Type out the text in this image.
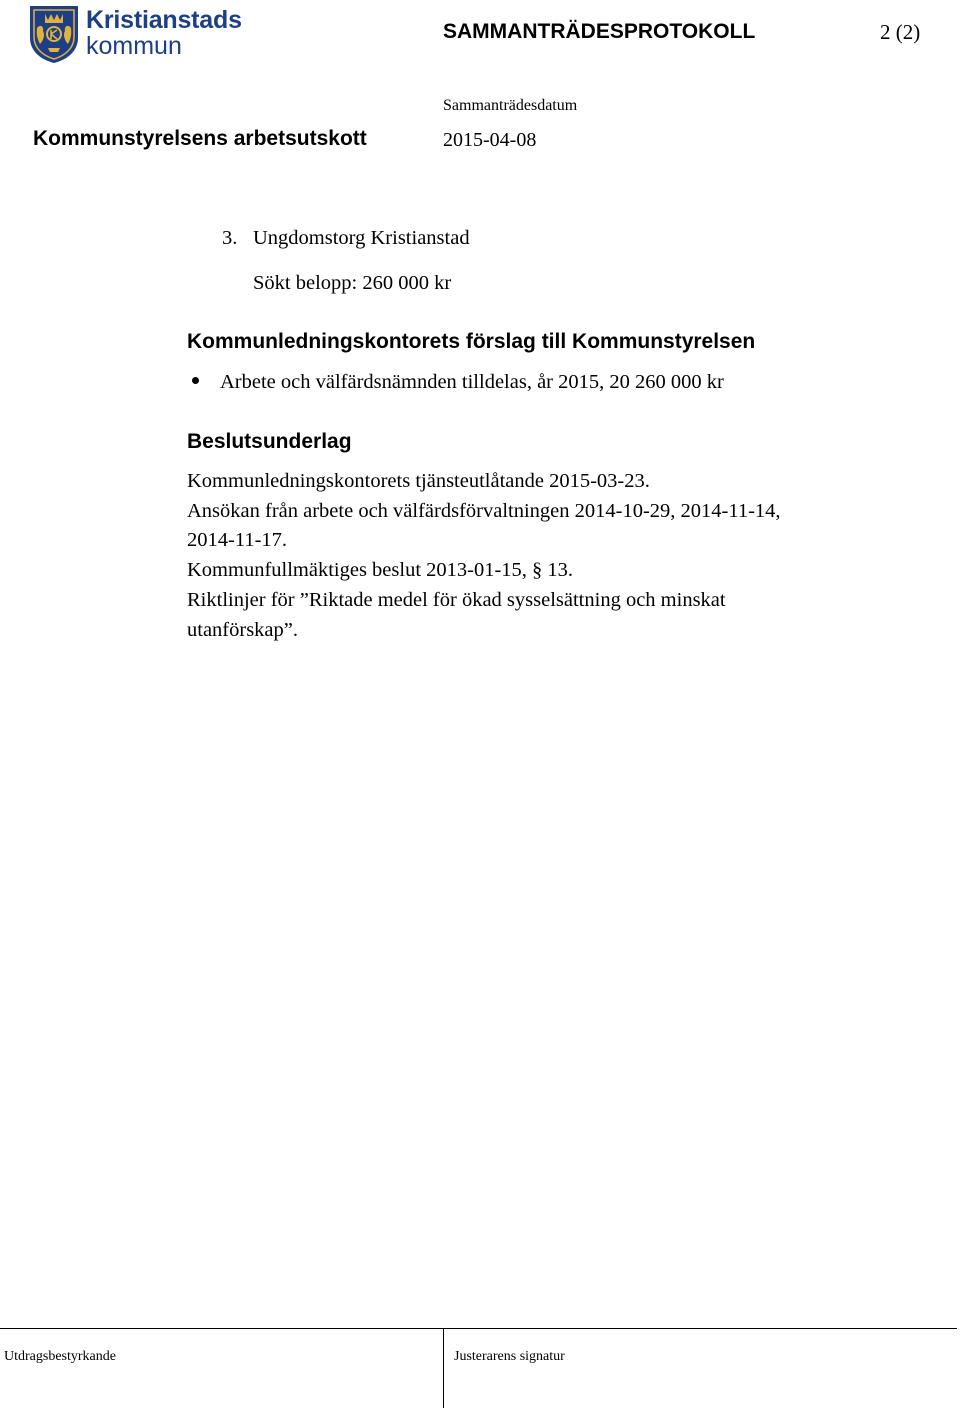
Kristianstads
kommun
SAMMANTRÄDESPROTOKOLL	2 (2)
Kommunstyrelsens arbetsutskott
Sammanträdesdatum
2015-04-08
3. Ungdomstorg Kristianstad
Sökt belopp: 260 000 kr
Kommunledningskontorets förslag till Kommunstyrelsen
Arbete och välfärdsnämnden tilldelas, år 2015, 20 260 000 kr
Beslutsunderlag
Kommunledningskontorets tjänsteutlåtande 2015-03-23.
Ansökan från arbete och välfärdsförvaltningen 2014-10-29, 2014-11-14,
2014-11-17.
Kommunfullmäktiges beslut 2013-01-15, § 13.
Riktlinjer för ”Riktade medel för ökad sysselsättning och minskat
utanförskap”.
Utdragsbestyrkande	Justerarens signatur
